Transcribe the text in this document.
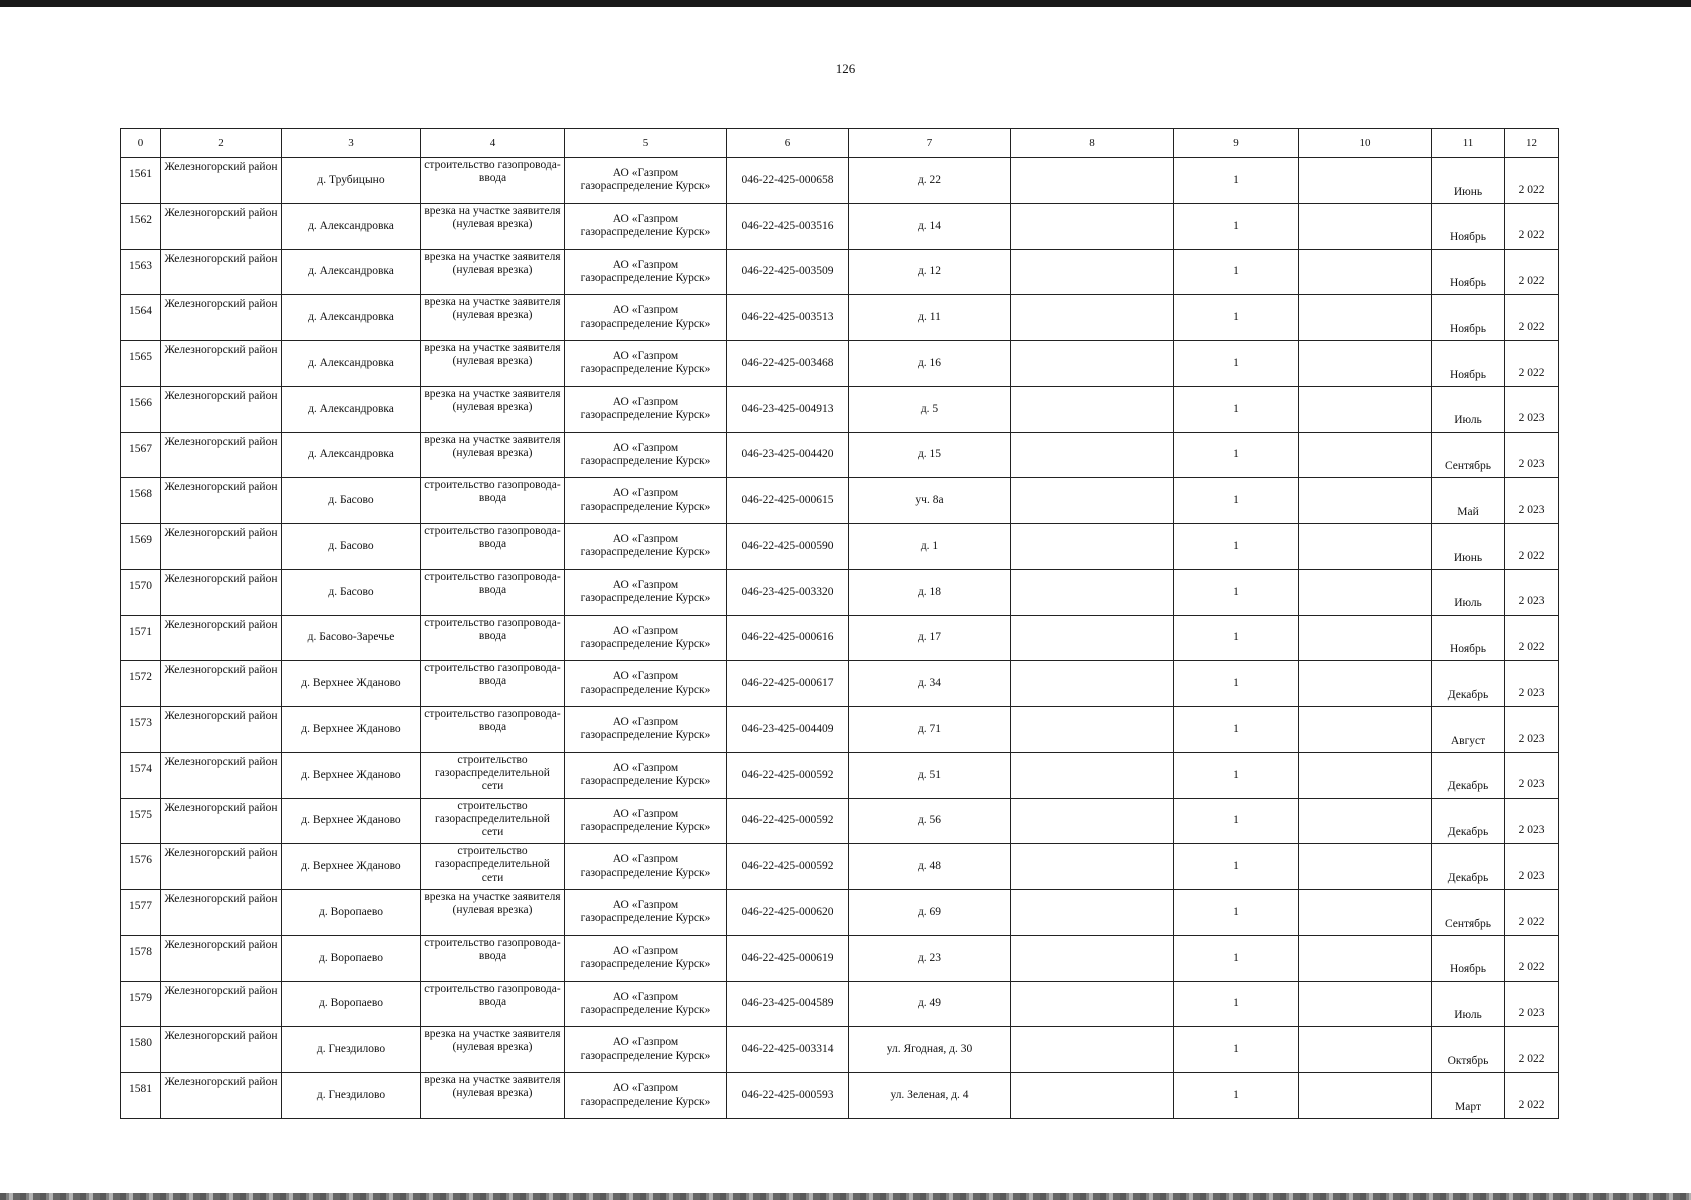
126
0	2	3	4	5	6	7	8	9	10	11	12
1561	Железногорский район	д. Трубицыно	строительство газопровода-ввода	АО «Газпром газораспределение Курск»	046-22-425-000658	д. 22		1		Июнь	2 022
1562	Железногорский район	д. Александровка	врезка на участке заявителя (нулевая врезка)	АО «Газпром газораспределение Курск»	046-22-425-003516	д. 14		1		Ноябрь	2 022
1563	Железногорский район	д. Александровка	врезка на участке заявителя (нулевая врезка)	АО «Газпром газораспределение Курск»	046-22-425-003509	д. 12		1		Ноябрь	2 022
1564	Железногорский район	д. Александровка	врезка на участке заявителя (нулевая врезка)	АО «Газпром газораспределение Курск»	046-22-425-003513	д. 11		1		Ноябрь	2 022
1565	Железногорский район	д. Александровка	врезка на участке заявителя (нулевая врезка)	АО «Газпром газораспределение Курск»	046-22-425-003468	д. 16		1		Ноябрь	2 022
1566	Железногорский район	д. Александровка	врезка на участке заявителя (нулевая врезка)	АО «Газпром газораспределение Курск»	046-23-425-004913	д. 5		1		Июль	2 023
1567	Железногорский район	д. Александровка	врезка на участке заявителя (нулевая врезка)	АО «Газпром газораспределение Курск»	046-23-425-004420	д. 15		1		Сентябрь	2 023
1568	Железногорский район	д. Басово	строительство газопровода-ввода	АО «Газпром газораспределение Курск»	046-22-425-000615	уч. 8а		1		Май	2 023
1569	Железногорский район	д. Басово	строительство газопровода-ввода	АО «Газпром газораспределение Курск»	046-22-425-000590	д. 1		1		Июнь	2 022
1570	Железногорский район	д. Басово	строительство газопровода-ввода	АО «Газпром газораспределение Курск»	046-23-425-003320	д. 18		1		Июль	2 023
1571	Железногорский район	д. Басово-Заречье	строительство газопровода-ввода	АО «Газпром газораспределение Курск»	046-22-425-000616	д. 17		1		Ноябрь	2 022
1572	Железногорский район	д. Верхнее Жданово	строительство газопровода-ввода	АО «Газпром газораспределение Курск»	046-22-425-000617	д. 34		1		Декабрь	2 023
1573	Железногорский район	д. Верхнее Жданово	строительство газопровода-ввода	АО «Газпром газораспределение Курск»	046-23-425-004409	д. 71		1		Август	2 023
1574	Железногорский район	д. Верхнее Жданово	строительство газораспределительной сети	АО «Газпром газораспределение Курск»	046-22-425-000592	д. 51		1		Декабрь	2 023
1575	Железногорский район	д. Верхнее Жданово	строительство газораспределительной сети	АО «Газпром газораспределение Курск»	046-22-425-000592	д. 56		1		Декабрь	2 023
1576	Железногорский район	д. Верхнее Жданово	строительство газораспределительной сети	АО «Газпром газораспределение Курск»	046-22-425-000592	д. 48		1		Декабрь	2 023
1577	Железногорский район	д. Воропаево	врезка на участке заявителя (нулевая врезка)	АО «Газпром газораспределение Курск»	046-22-425-000620	д. 69		1		Сентябрь	2 022
1578	Железногорский район	д. Воропаево	строительство газопровода-ввода	АО «Газпром газораспределение Курск»	046-22-425-000619	д. 23		1		Ноябрь	2 022
1579	Железногорский район	д. Воропаево	строительство газопровода-ввода	АО «Газпром газораспределение Курск»	046-23-425-004589	д. 49		1		Июль	2 023
1580	Железногорский район	д. Гнездилово	врезка на участке заявителя (нулевая врезка)	АО «Газпром газораспределение Курск»	046-22-425-003314	ул. Ягодная, д. 30		1		Октябрь	2 022
1581	Железногорский район	д. Гнездилово	врезка на участке заявителя (нулевая врезка)	АО «Газпром газораспределение Курск»	046-22-425-000593	ул. Зеленая, д. 4		1		Март	2 022
